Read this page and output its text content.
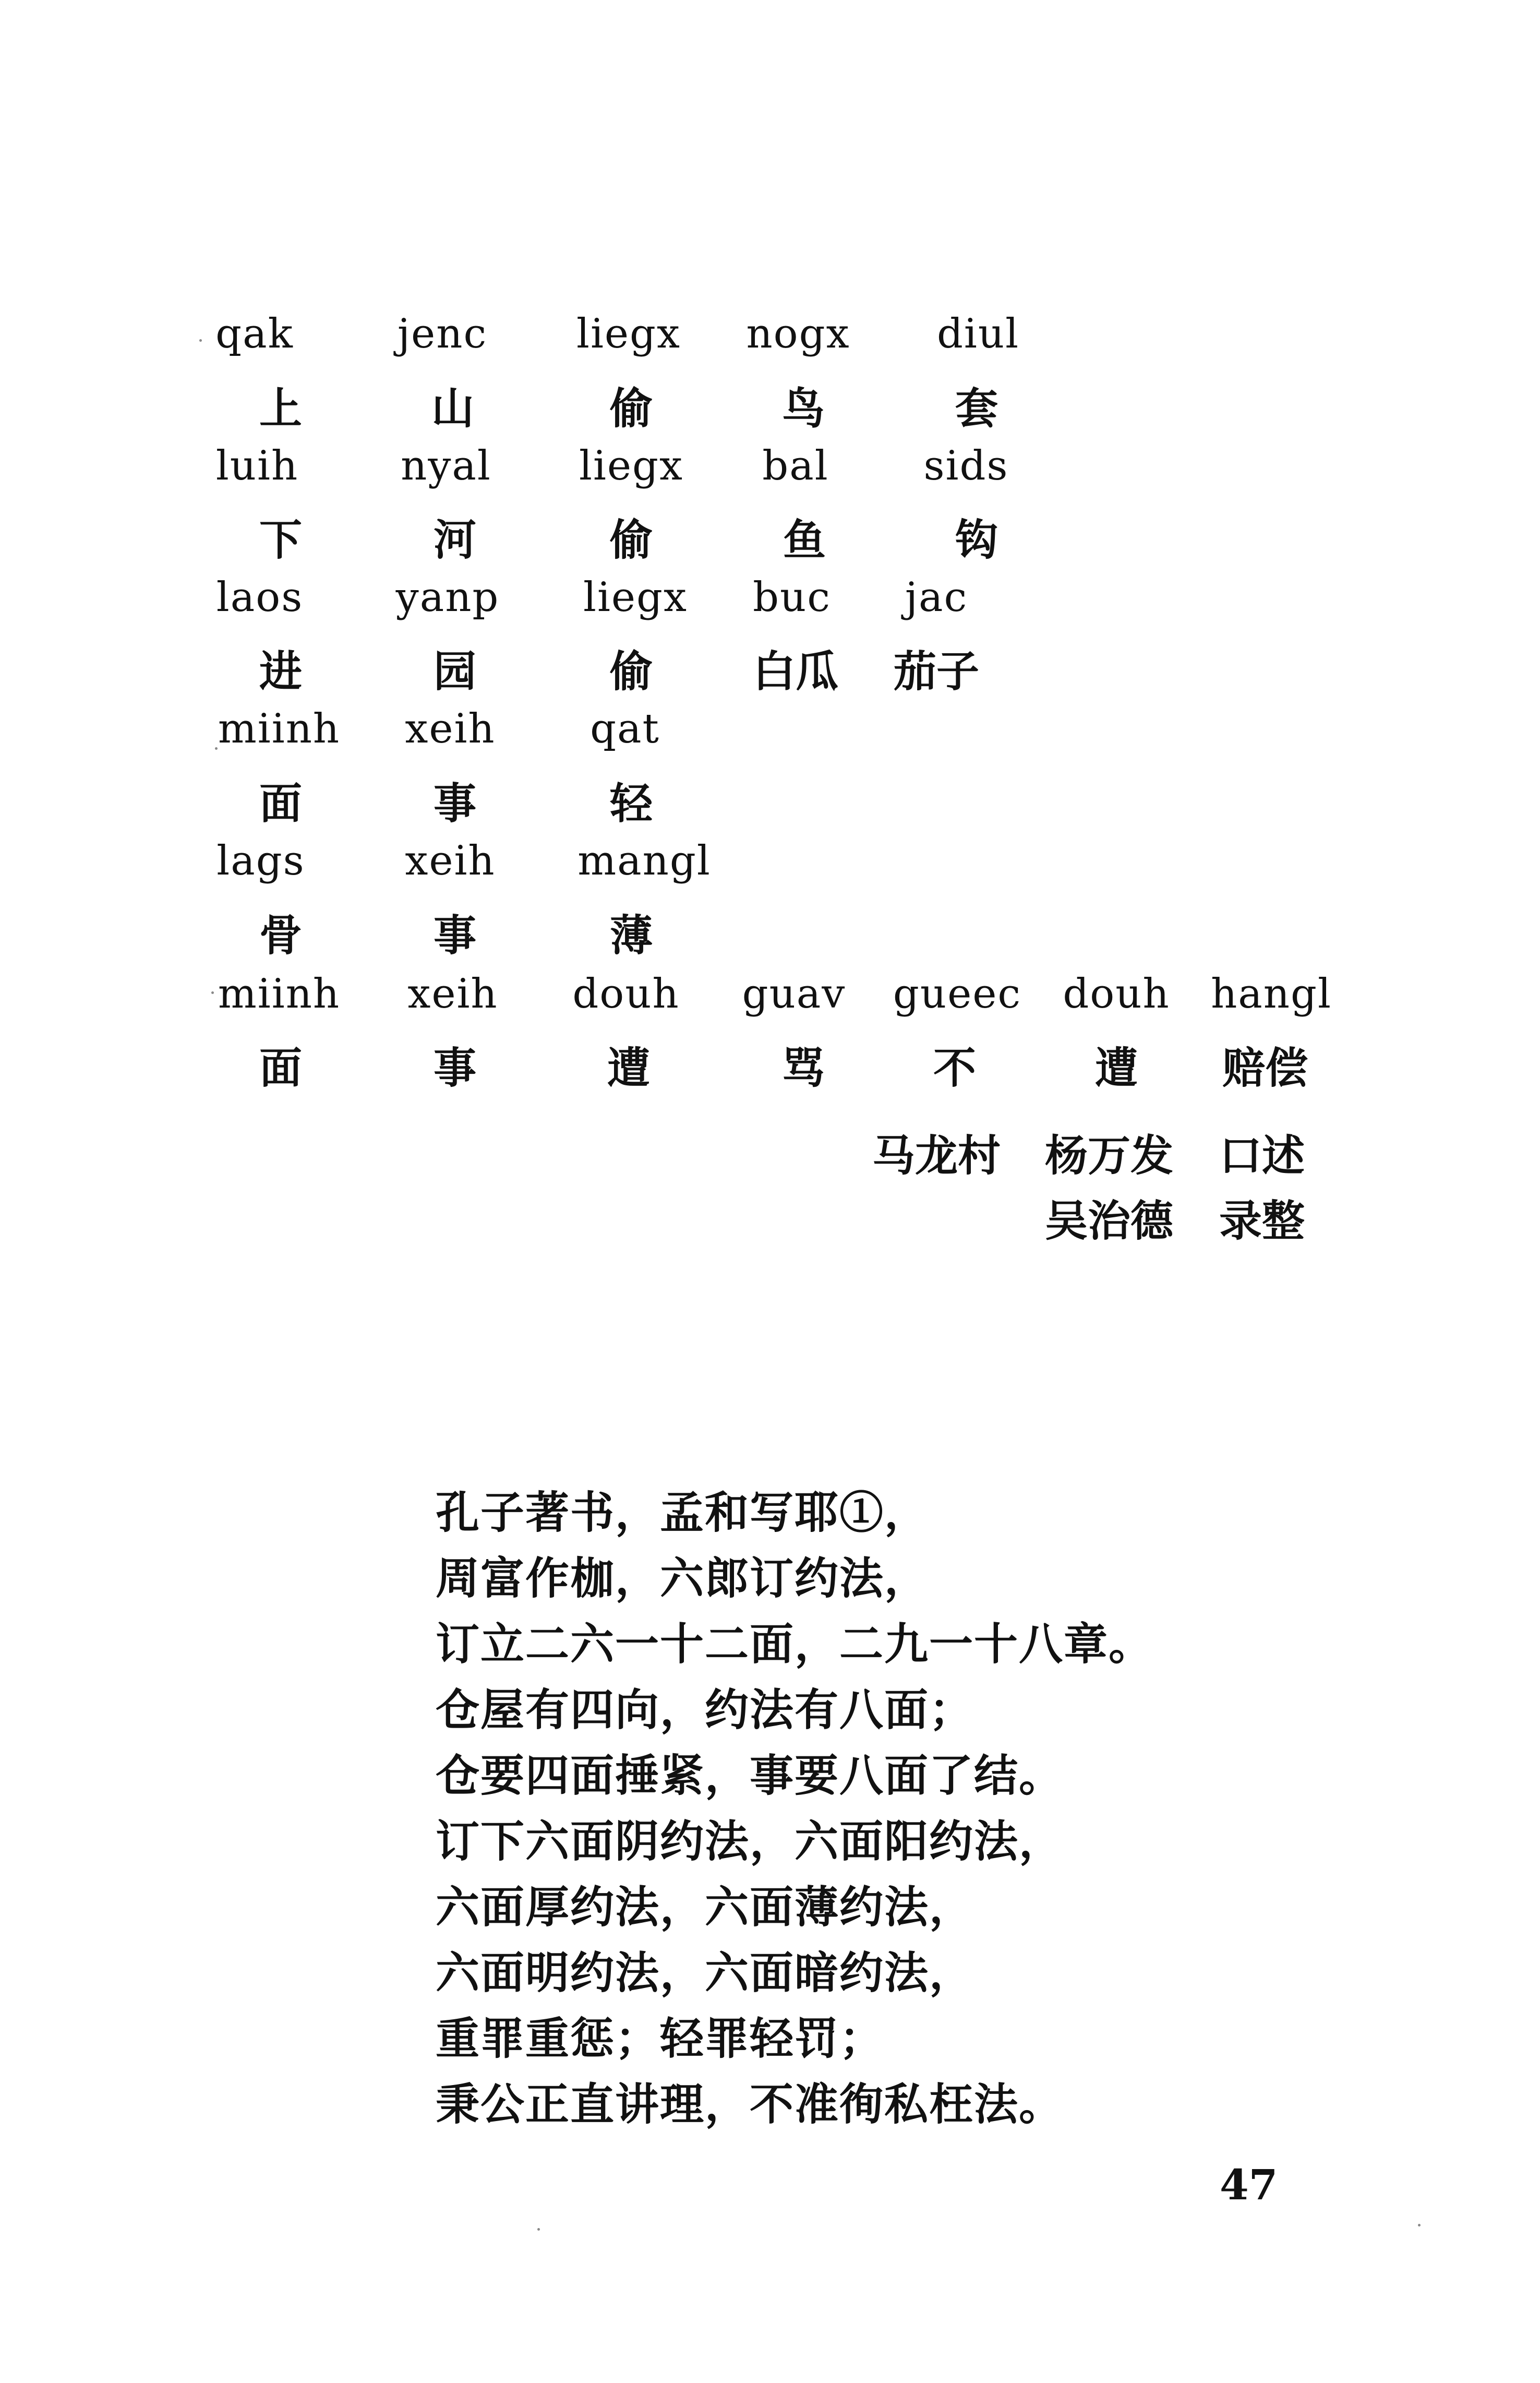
qak	jenc liegx nogx diul
上	山	偷	鸟	套
luih	nyal liegx bal sids
下	河	偷	鱼	钩
laos yanp liegx buc jac
进	园	偷 白瓜 茄子
miinh xeih qat
面	事	轻
lags xeih mangl
骨	事	薄
miinh xeih douh guav gueec douh hangl
面	事	遭	骂	不	遭 赔偿
马龙村 杨万发 口述
吴治德 录整
孔子著书，孟和写耶①，
周富作枷，六郎订约法，
订立二六一十二面，二九一十八章。
仓屋有四向，约法有八面；
仓要四面捶紧，事要八面了结。
订下六面阴约法，六面阳约法，
六面厚约法，六面薄约法，
六面明约法，六面暗约法，
重罪重惩；轻罪轻罚；
秉公正直讲理，不准徇私枉法。
47
